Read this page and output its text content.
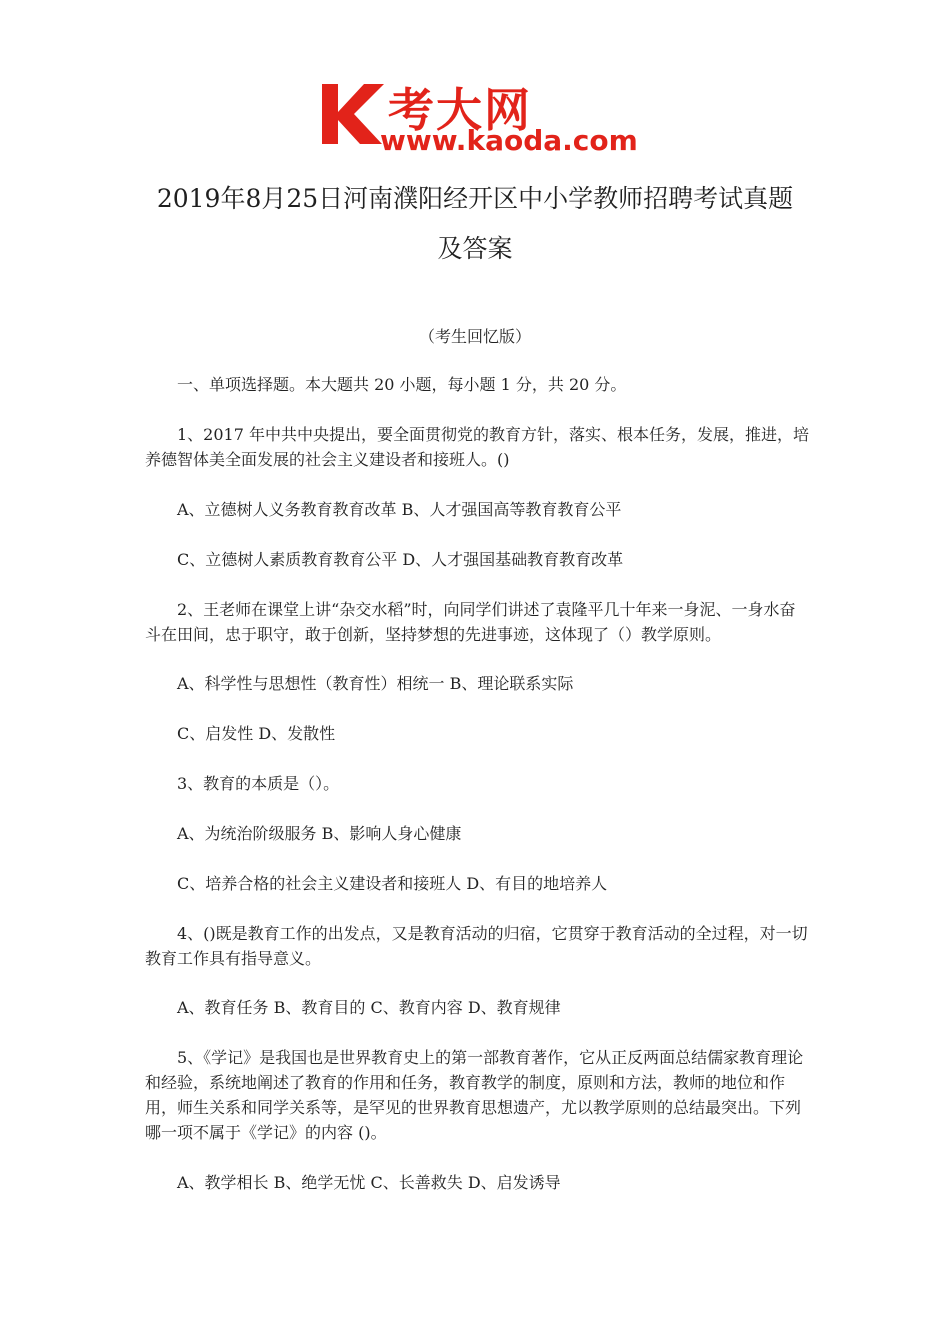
考大网
www.kaoda.com
2019年8月25日河南濮阳经开区中小学教师招聘考试真题
及答案
（考生回忆版）
一、单项选择题。本大题共 20 小题，每小题 1 分，共 20 分。
1、2017 年中共中央提出，要全面贯彻党的教育方针，落实、根本任务，发展，推进，培养德智体美全面发展的社会主义建设者和接班人。()
A、立德树人义务教育教育改革 B、人才强国高等教育教育公平
C、立德树人素质教育教育公平 D、人才强国基础教育教育改革
2、王老师在课堂上讲“杂交水稻”时，向同学们讲述了袁隆平几十年来一身泥、一身水奋斗在田间，忠于职守，敢于创新，坚持梦想的先进事迹，这体现了（）教学原则。
A、科学性与思想性（教育性）相统一 B、理论联系实际
C、启发性 D、发散性
3、教育的本质是（）。
A、为统治阶级服务 B、影响人身心健康
C、培养合格的社会主义建设者和接班人 D、有目的地培养人
4、()既是教育工作的出发点，又是教育活动的归宿，它贯穿于教育活动的全过程，对一切教育工作具有指导意义。
A、教育任务 B、教育目的 C、教育内容 D、教育规律
5、《学记》是我国也是世界教育史上的第一部教育著作，它从正反两面总结儒家教育理论和经验，系统地阐述了教育的作用和任务，教育教学的制度，原则和方法，教师的地位和作用，师生关系和同学关系等，是罕见的世界教育思想遗产，尤以教学原则的总结最突出。下列哪一项不属于《学记》的内容 ()。
A、教学相长 B、绝学无忧 C、长善救失 D、启发诱导
